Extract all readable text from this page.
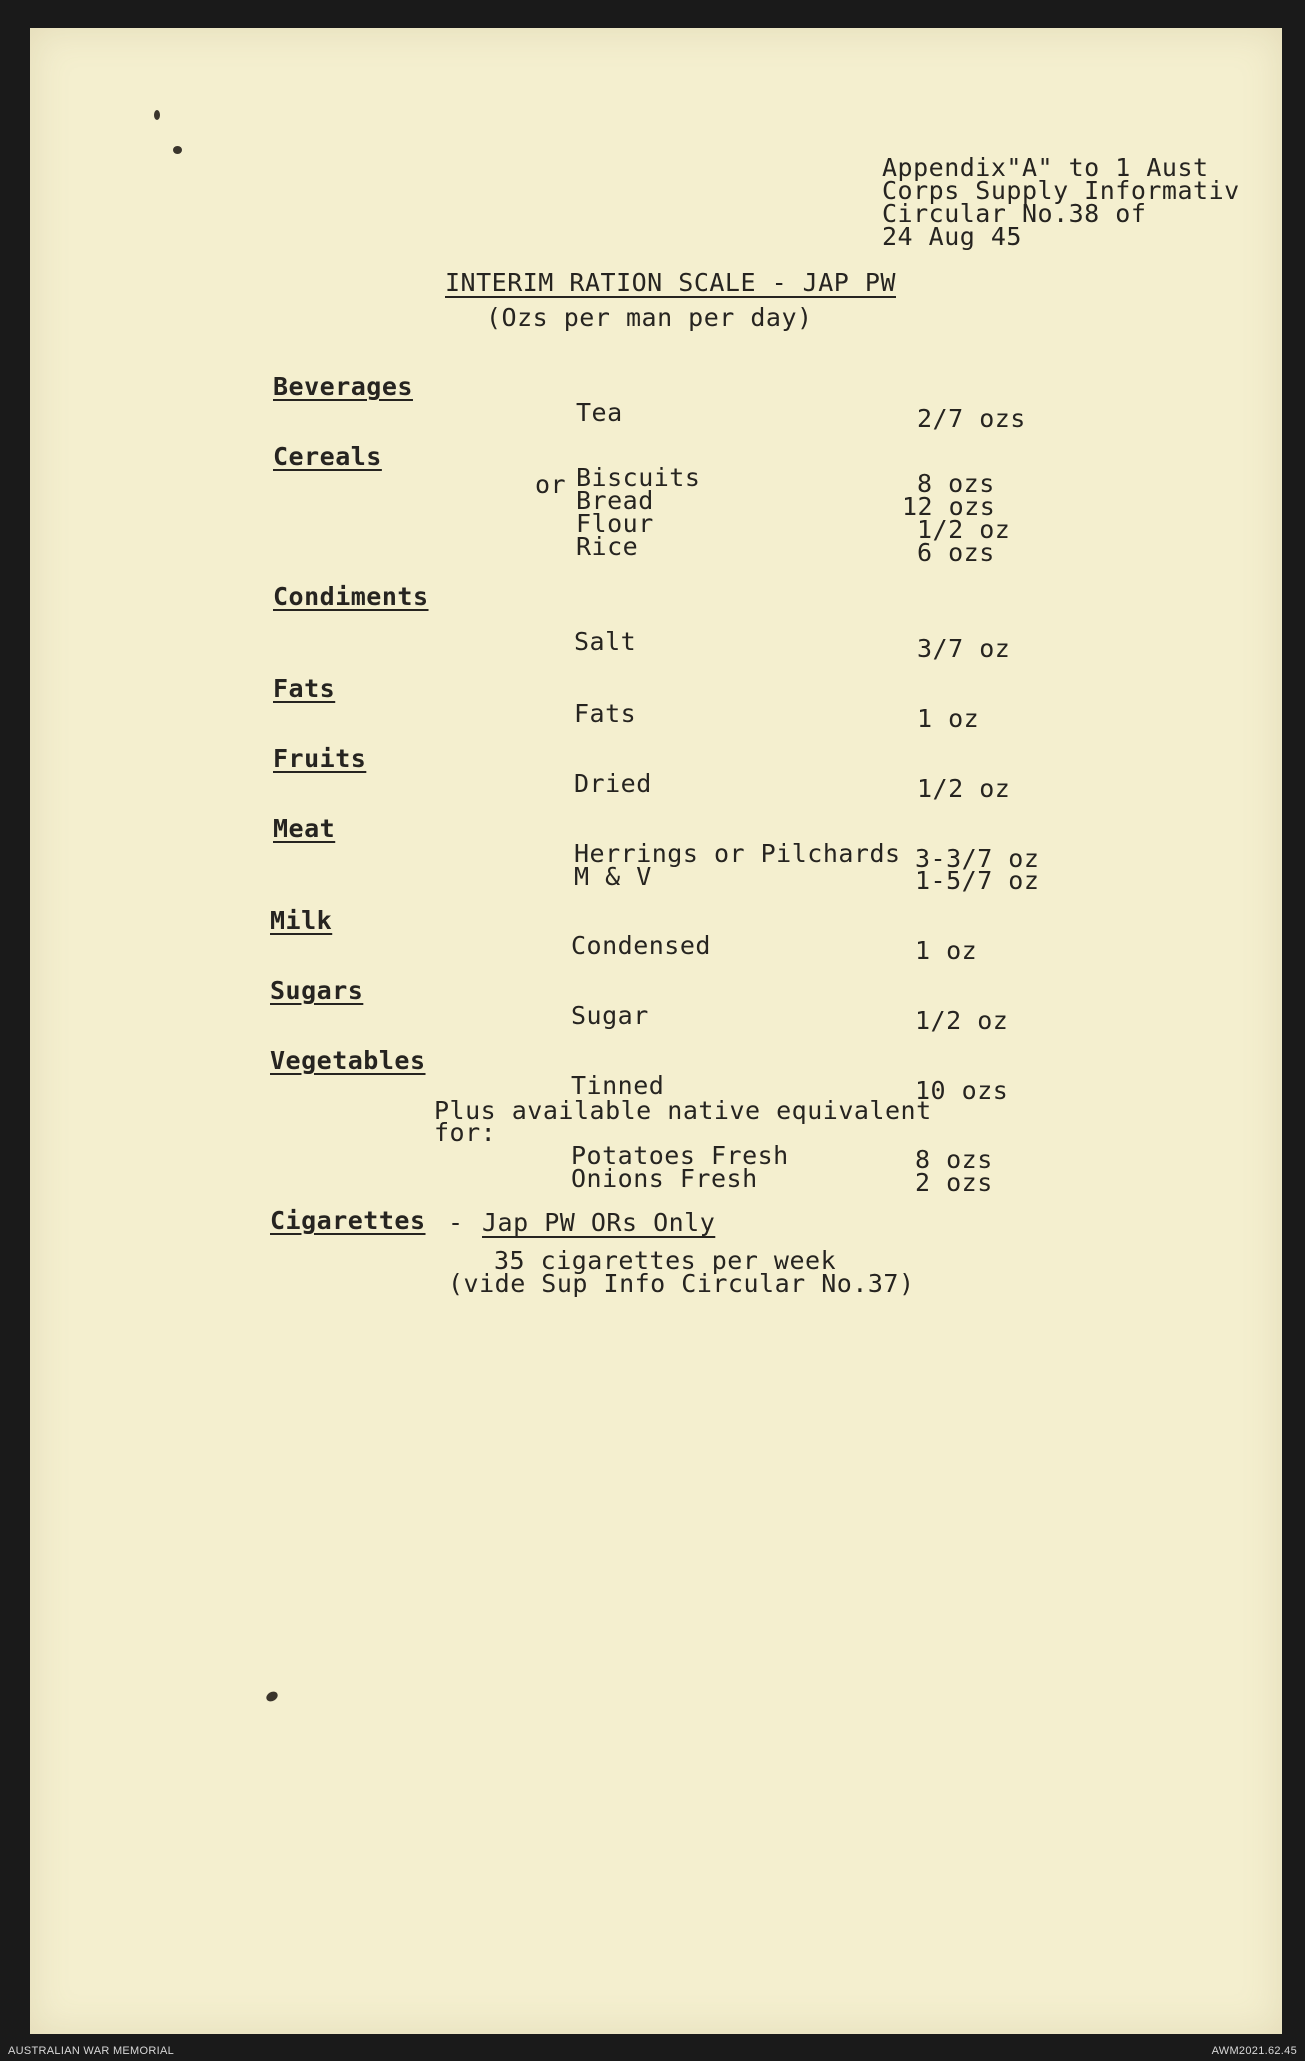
Appendix"A" to 1 Aust
Corps Supply Informativ
Circular No.38 of
24 Aug 45
INTERIM RATION SCALE - JAP PW
(Ozs per man per day)
Beverages
Tea	2/7 ozs
Cereals
or Biscuits	8 ozs
Bread	12 ozs
Flour	1/2 oz
Rice	6 ozs
Condiments
Salt	3/7 oz
Fats
Fats	1 oz
Fruits
Dried	1/2 oz
Meat
Herrings or Pilchards 3-3/7 oz
M & V	1-5/7 oz
Milk
Condensed	1 oz
Sugars
Sugar	1/2 oz
Vegetables
Tinned	10 ozs
Plus available native equivalent
for:
Potatoes Fresh	8 ozs
Onions Fresh	2 ozs
Cigarettes - Jap PW ORs Only
35 cigarettes per week
(vide Sup Info Circular No.37)
AUSTRALIAN WAR MEMORIAL	AWM2021.62.45
